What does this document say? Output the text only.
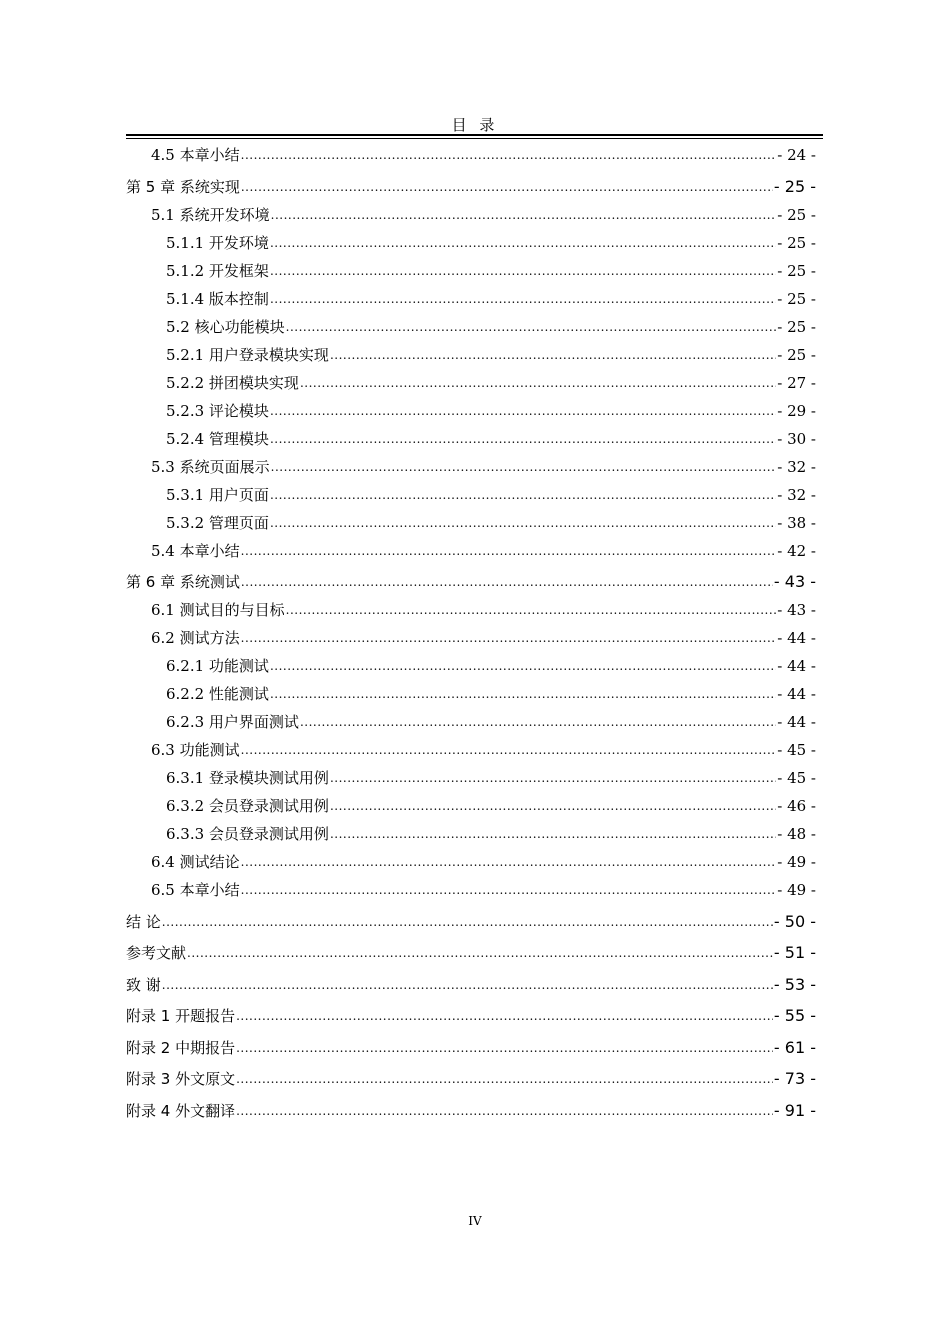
目 录
4.5 本章小结 .....	- 24 -
第 5 章 系统实现 .....	- 25 -
5.1 系统开发环境 .....	- 25 -
5.1.1 开发环境 .....	- 25 -
5.1.2 开发框架 .....	- 25 -
5.1.4 版本控制 .....	- 25 -
5.2 核心功能模块 .....	- 25 -
5.2.1 用户登录模块实现 .....	- 25 -
5.2.2 拼团模块实现 .....	- 27 -
5.2.3 评论模块 .....	- 29 -
5.2.4 管理模块 .....	- 30 -
5.3 系统页面展示 .....	- 32 -
5.3.1 用户页面 .....	- 32 -
5.3.2 管理页面 .....	- 38 -
5.4 本章小结 .....	- 42 -
第 6 章 系统测试 .....	- 43 -
6.1 测试目的与目标 .....	- 43 -
6.2 测试方法 .....	- 44 -
6.2.1 功能测试 .....	- 44 -
6.2.2 性能测试 .....	- 44 -
6.2.3 用户界面测试 .....	- 44 -
6.3 功能测试 .....	- 45 -
6.3.1 登录模块测试用例 .....	- 45 -
6.3.2 会员登录测试用例 .....	- 46 -
6.3.3 会员登录测试用例 .....	- 48 -
6.4 测试结论 .....	- 49 -
6.5 本章小结 .....	- 49 -
结 论 .....	- 50 -
参考文献 .....	- 51 -
致 谢 .....	- 53 -
附录 1 开题报告 .....	- 55 -
附录 2 中期报告 .....	- 61 -
附录 3 外文原文 .....	- 73 -
附录 4 外文翻译 .....	- 91 -
IV
